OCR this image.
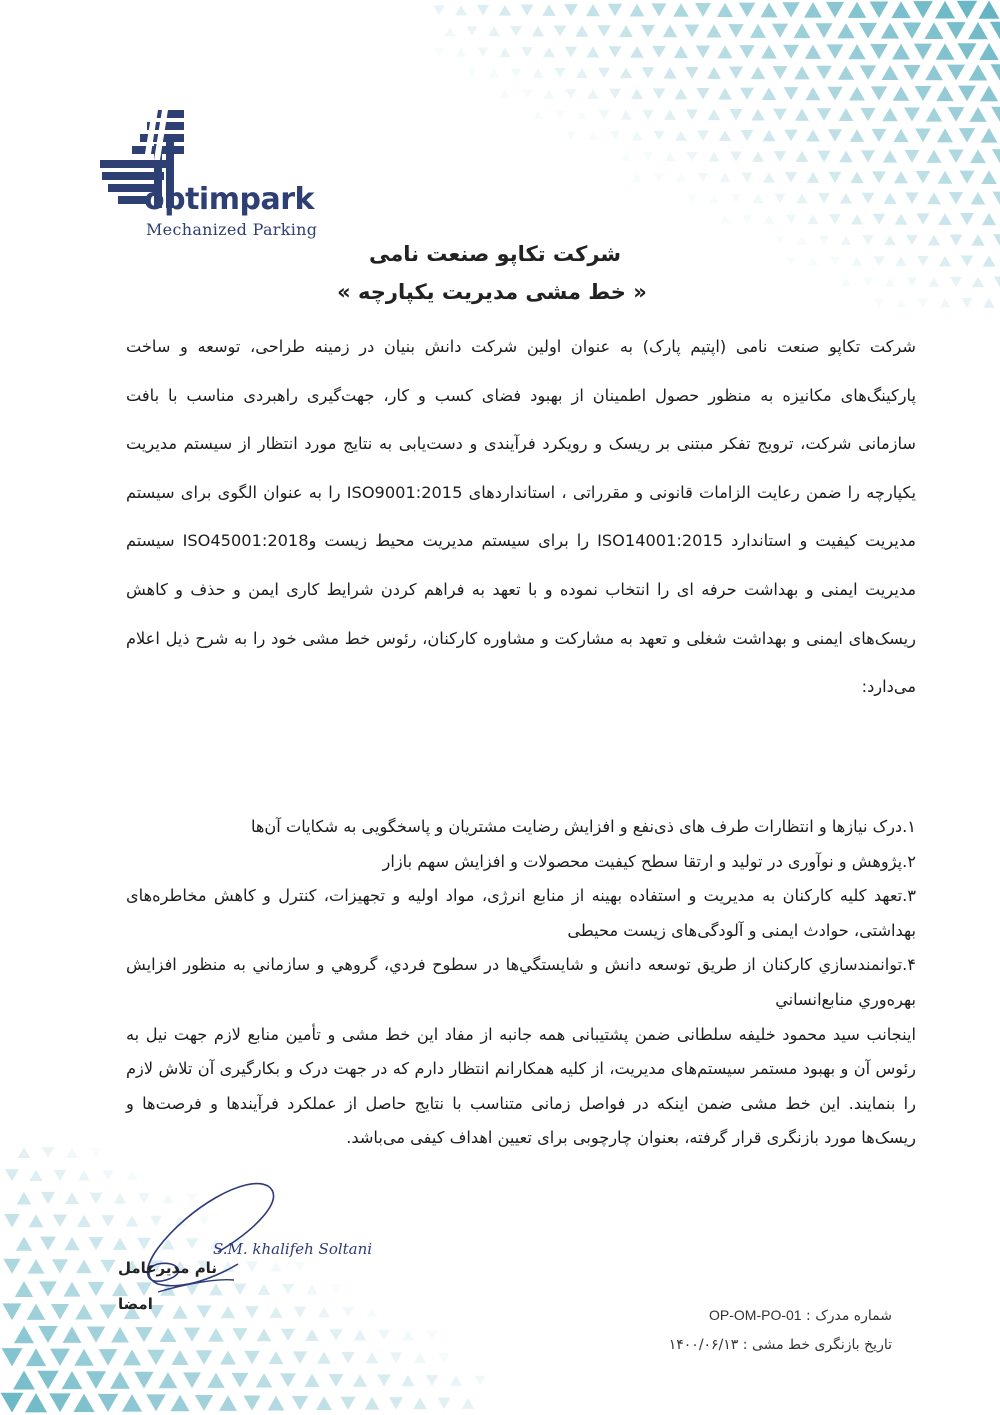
optimpark
Mechanized Parking
شرکت تکاپو صنعت نامی
« خط مشی مدیریت یکپارچه »
شرکت تکاپو صنعت نامی (اپتیم پارک) به عنوان اولین شرکت دانش بنیان در زمینه طراحی، توسعه و ساخت پارکینگ‌های مکانیزه به منظور حصول اطمینان از بهبود فضای کسب و کار، جهت‌گیری راهبردی مناسب با بافت سازمانی شرکت، ترویج تفکر مبتنی بر ریسک و رویکرد فرآیندی و دست‌یابی به نتایج مورد انتظار از سیستم مدیریت یکپارچه را ضمن رعایت الزامات قانونی و مقرراتی ، استانداردهای ISO9001:2015 را به عنوان الگوی برای سیستم مدیریت کیفیت و استاندارد ISO14001:2015 را برای سیستم مدیریت محیط زیست وISO45001:2018 سیستم مدیریت ایمنی و بهداشت حرفه ای را انتخاب نموده و با تعهد به فراهم کردن شرایط کاری ایمن و حذف و کاهش ریسک‌های ایمنی و بهداشت شغلی و تعهد به مشارکت و مشاوره کارکنان، رئوس خط مشی خود را به شرح ذیل اعلام می‌دارد:

۱.درک نیازها و انتظارات طرف های ذی‌نفع و افزایش رضایت مشتریان و پاسخگویی به شکایات آن‌ها

۲.پژوهش و نوآوری در تولید و ارتقا سطح کیفیت محصولات و افزایش سهم بازار

۳.تعهد کلیه کارکنان به مدیریت و استفاده بهینه از منابع انرژی، مواد اولیه و تجهیزات، کنترل و کاهش مخاطره‌های بهداشتی، حوادث ایمنی و آلودگی‌های زیست محیطی

۴.توانمندسازي كاركنان از طريق توسعه دانش و شايستگي‌ها در سطوح فردي، گروهي و سازماني به منظور افزايش بهره‌وري منابع‌انساني

اینجانب سید محمود خلیفه سلطانی ضمن پشتیبانی همه جانبه از مفاد این خط مشی و تأمین منابع لازم جهت نیل به رئوس آن و بهبود مستمر سیستم‌های مدیریت، از کلیه همکارانم انتظار دارم که در جهت درک و بکارگیری آن تلاش لازم را بنمایند. این خط مشی ضمن اینکه در فواصل زمانی متناسب با نتایج حاصل از عملکرد فرآیندها و فرصت‌ها و ریسک‌ها مورد بازنگری قرار گرفته، بعنوان چارچوبی برای تعیین اهداف کیفی می‌باشد.

S.M. khalifeh Soltani
نام مدیرعامل
امضا
شماره مدرک : OP-OM-PO-01
تاریخ بازنگری خط مشی : ۱۴۰۰/۰۶/۱۳
